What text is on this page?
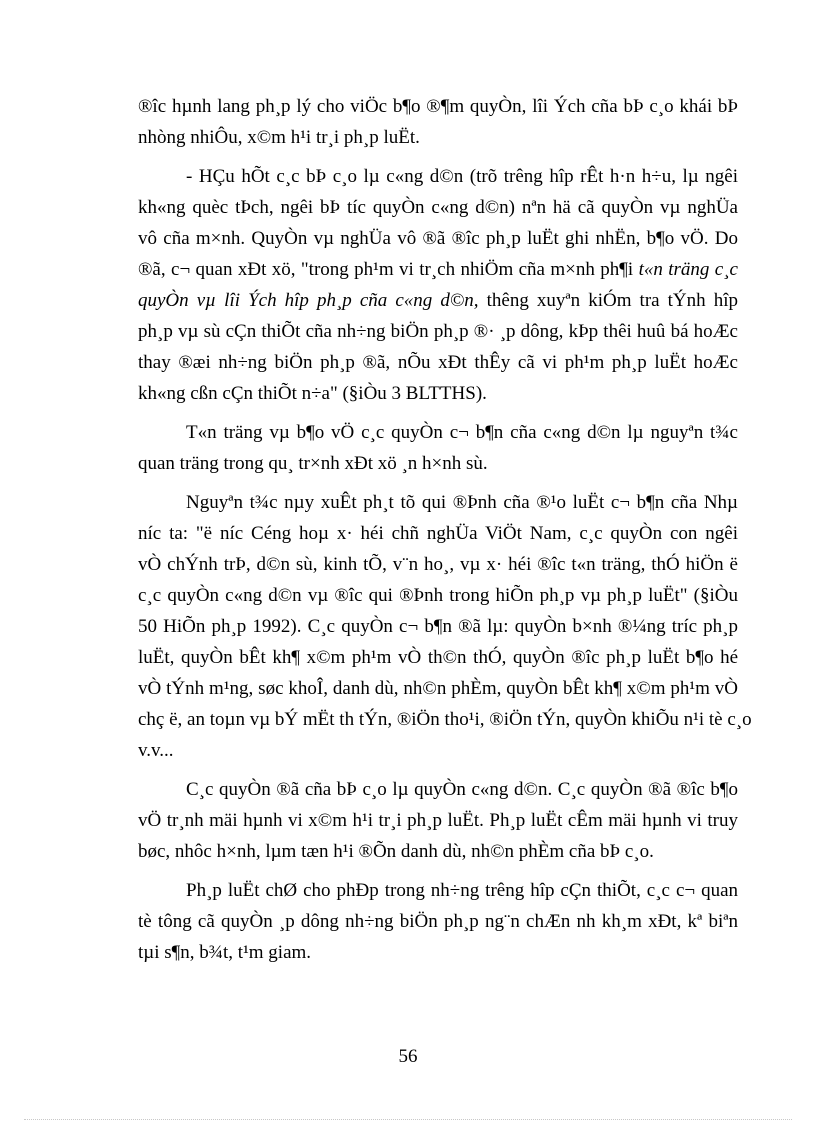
®îc hµnh lang ph¸p lý cho viÖc b¶o ®¶m quyÒn, lîi Ých cña bÞ c¸o khái bÞ
nhòng nhiÔu, x©m h¹i tr¸i ph¸p luËt.
- HÇu hÕt c¸c bÞ c¸o lµ c«ng d©n (trõ trêng hîp rÊt h·n h÷u, lµ ngêi
kh«ng quèc tÞch, ngêi bÞ tíc quyÒn c«ng d©n) nªn hä cã quyÒn vµ nghÜa
vô cña m×nh. QuyÒn vµ nghÜa vô ®ã ®îc ph¸p luËt ghi nhËn, b¶o vÖ. Do
®ã, c¬ quan xÐt xö, "trong ph¹m vi tr¸ch nhiÖm cña m×nh ph¶i t«n träng c¸c
quyÒn vµ lîi Ých hîp ph¸p cña c«ng d©n, thêng xuyªn kiÓm tra tÝnh hîp
ph¸p vµ sù cÇn thiÕt cña nh÷ng biÖn ph¸p ®· ¸p dông, kÞp thêi huû bá hoÆc
thay ®æi nh÷ng biÖn ph¸p ®ã, nÕu xÐt thÊy cã vi ph¹m ph¸p luËt hoÆc
kh«ng cßn cÇn thiÕt n÷a" (§iÒu 3 BLTTHS).
T«n träng vµ b¶o vÖ c¸c quyÒn c¬ b¶n cña c«ng d©n lµ nguyªn t¾c
quan träng trong qu¸ tr×nh xÐt xö ¸n h×nh sù.
Nguyªn t¾c nµy xuÊt ph¸t tõ qui ®Þnh cña ®¹o luËt c¬ b¶n cña Nhµ
níc ta: "ë níc Céng hoµ x· héi chñ nghÜa ViÖt Nam, c¸c quyÒn con ngêi
vÒ chÝnh trÞ, d©n sù, kinh tÕ, v¨n ho¸, vµ x· héi ®îc t«n träng, thÓ hiÖn ë
c¸c quyÒn c«ng d©n vµ ®îc qui ®Þnh trong hiÕn ph¸p vµ ph¸p luËt" (§iÒu
50 HiÕn ph¸p 1992). C¸c quyÒn c¬ b¶n ®ã lµ: quyÒn b×nh ®¼ng tríc ph¸p
luËt, quyÒn bÊt kh¶ x©m ph¹m vÒ th©n thÓ, quyÒn ®îc ph¸p luËt b¶o hé
vÒ tÝnh m¹ng, søc khoÎ, danh dù, nh©n phÈm, quyÒn bÊt kh¶ x©m ph¹m vÒ
chç ë, an toµn vµ bÝ mËt th tÝn, ®iÖn tho¹i, ®iÖn tÝn, quyÒn khiÕu n¹i tè c¸o
v.v...
C¸c quyÒn ®ã cña bÞ c¸o lµ quyÒn c«ng d©n. C¸c quyÒn ®ã ®îc b¶o
vÖ tr¸nh mäi hµnh vi x©m h¹i tr¸i ph¸p luËt. Ph¸p luËt cÊm mäi hµnh vi truy
bøc, nhôc h×nh, lµm tæn h¹i ®Õn danh dù, nh©n phÈm cña bÞ c¸o.
Ph¸p luËt chØ cho phÐp trong nh÷ng trêng hîp cÇn thiÕt, c¸c c¬ quan
tè tông cã quyÒn ¸p dông nh÷ng biÖn ph¸p ng¨n chÆn nh kh¸m xÐt, kª biªn
tµi s¶n, b¾t, t¹m giam.
56
